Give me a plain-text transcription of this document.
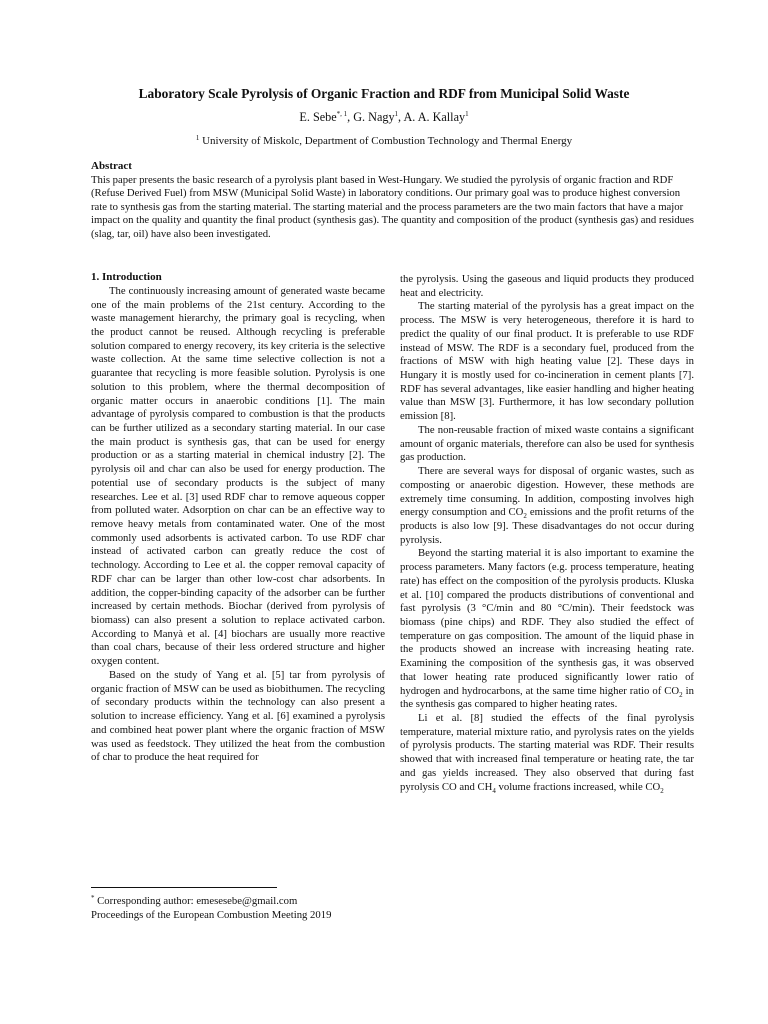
Laboratory Scale Pyrolysis of Organic Fraction and RDF from Municipal Solid Waste
E. Sebe$^{*, 1}$, G. Nagy$^1$, A. A. Kallay$^1$
$^1$ University of Miskolc, Department of Combustion Technology and Thermal Energy
Abstract

This paper presents the basic research of a pyrolysis plant based in West-Hungary. We studied the pyrolysis of organic fraction and RDF (Refuse Derived Fuel) from MSW (Municipal Solid Waste) in laboratory conditions. Our primary goal was to produce highest conversion rate to synthesis gas from the starting material. The starting material and the process parameters are the two main factors that have a major impact on the quality and quantity the final product (synthesis gas). The quantity and composition of the product (synthesis gas) and residues (slag, tar, oil) have also been investigated.

1. Introduction

The continuously increasing amount of generated waste became one of the main problems of the 21st century. According to the waste management hierarchy, the primary goal is recycling, when the product cannot be reused. Although recycling is preferable solution compared to energy recovery, its key criteria is the selective waste collection. At the same time selective collection is not a guarantee that recycling is more feasible solution. Pyrolysis is one solution to this problem, where the thermal decomposition of organic matter occurs in anaerobic conditions [1]. The main advantage of pyrolysis compared to combustion is that the products can be further utilized as a secondary starting material. In our case the main product is synthesis gas, that can be used for energy production or as a starting material in chemical industry [2]. The pyrolysis oil and char can also be used for energy production. The potential use of secondary products is the subject of many researches. Lee et al. [3] used RDF char to remove aqueous copper from polluted water. Adsorption on char can be an effective way to remove heavy metals from contaminated water. One of the most commonly used adsorbents is activated carbon. To use RDF char instead of activated carbon can greatly reduce the cost of technology. According to Lee et al. the copper removal capacity of RDF char can be larger than other low-cost char adsorbents. In addition, the copper-binding capacity of the adsorber can be further increased by certain methods. Biochar (derived from pyrolysis of biomass) can also present a solution to replace activated carbon. According to Manyà et al. [4] biochars are usually more reactive than coal chars, because of their less ordered structure and higher oxygen content.

Based on the study of Yang et al. [5] tar from pyrolysis of organic fraction of MSW can be used as biobithumen. The recycling of secondary products within the technology can also present a solution to increase efficiency. Yang et al. [6] examined a pyrolysis and combined heat power plant where the organic fraction of MSW was used as feedstock. They utilized the heat from the combustion of char to produce the heat required for

the pyrolysis. Using the gaseous and liquid products they produced heat and electricity.

The starting material of the pyrolysis has a great impact on the process. The MSW is very heterogeneous, therefore it is hard to predict the quality of our final product. It is preferable to use RDF instead of MSW. The RDF is a secondary fuel, produced from the fractions of MSW with high heating value [2]. These days in Hungary it is mostly used for co-incineration in cement plants [7]. RDF has several advantages, like easier handling and higher heating value than MSW [3]. Furthermore, it has low secondary pollution emission [8].

The non-reusable fraction of mixed waste contains a significant amount of organic materials, therefore can also be used for synthesis gas production.

There are several ways for disposal of organic wastes, such as composting or anaerobic digestion. However, these methods are extremely time consuming. In addition, composting involves high energy consumption and $CO_2$ emissions and the profit returns of the products is also low [9]. These disadvantages do not occur during pyrolysis.

Beyond the starting material it is also important to examine the process parameters. Many factors (e.g. process temperature, heating rate) has effect on the composition of the pyrolysis products. Kluska et al. [10] compared the products distributions of conventional and fast pyrolysis (3 °C/min and 80 °C/min). Their feedstock was biomass (pine chips) and RDF. They also studied the effect of temperature on gas composition. The amount of the liquid phase in the products showed an increase with increasing heating rate. Examining the composition of the synthesis gas, it was observed that lower heating rate produced significantly lower ratio of hydrogen and hydrocarbons, at the same time higher ratio of $CO_2$ in the synthesis gas compared to higher heating rates.

Li et al. [8] studied the effects of the final pyrolysis temperature, material mixture ratio, and pyrolysis rates on the yields of pyrolysis products. The starting material was RDF. Their results showed that with increased final temperature or heating rate, the tar and gas yields increased. They also observed that during fast pyrolysis CO and $CH_4$ volume fractions increased, while $CO_2$

* Corresponding author: emesesebe@gmail.com
Proceedings of the European Combustion Meeting 2019
